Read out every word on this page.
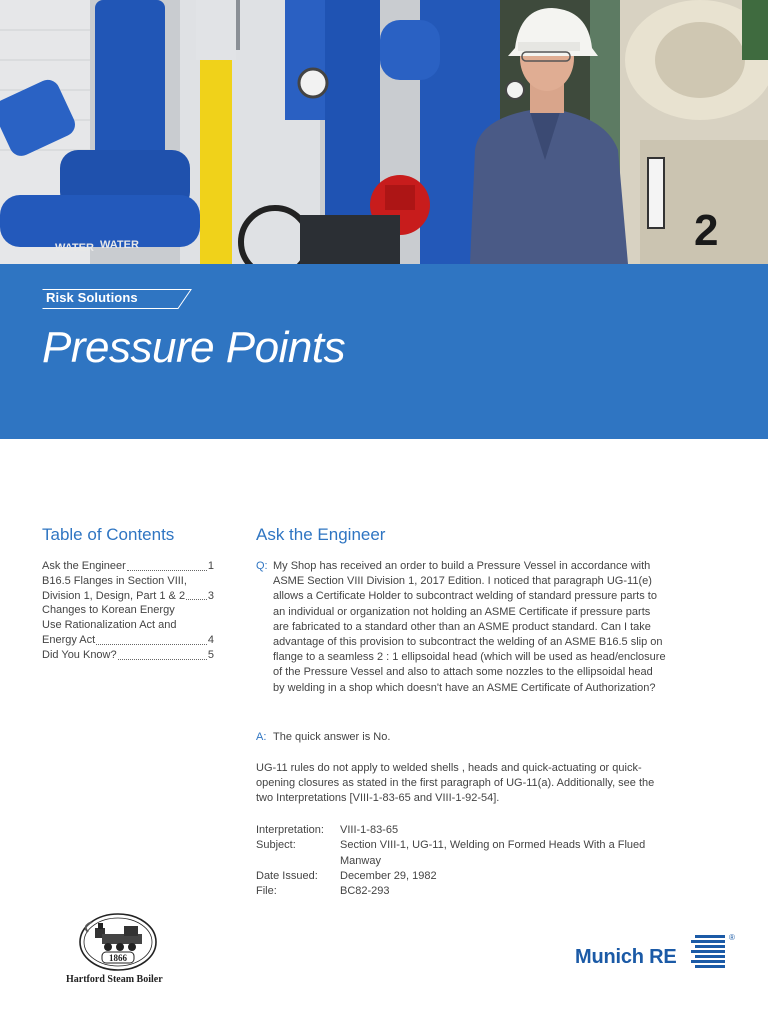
2
WATER WATER
Risk Solutions
Pressure Points
Table of Contents
Ask the Engineer	1
B16.5 Flanges in Section VIII,
Division 1, Design, Part 1 & 2 3
Changes to Korean Energy
Use Rationalization Act and
Energy Act	4
Did You Know?	5
Ask the Engineer
Q: My Shop has received an order to build a Pressure Vessel in accordance with ASME Section VIII Division 1, 2017 Edition. I noticed that paragraph UG-11(e) allows a Certificate Holder to subcontract welding of standard pressure parts to an individual or organization not holding an ASME Certificate if pressure parts are fabricated to a standard other than an ASME product standard. Can I take advantage of this provision to subcontract the welding of an ASME B16.5 slip on flange to a seamless 2 : 1 ellipsoidal head (which will be used as head/enclosure of the Pressure Vessel and also to attach some nozzles to the ellipsoidal head by welding in a shop which doesn't have an ASME Certificate of Authorization?
A: The quick answer is No.
UG-11 rules do not apply to welded shells , heads and quick-actuating or quick-opening closures as stated in the first paragraph of UG-11(a). Additionally, see the two Interpretations [VIII-1-83-65 and VIII-1-92-54].
Interpretation:	VIII-1-83-65
Subject:	Section VIII-1, UG-11, Welding on Formed Heads With a Flued Manway
Date Issued:	December 29, 1982
File:	BC82-293
1866
Hartford Steam Boiler
®
Munich RE
